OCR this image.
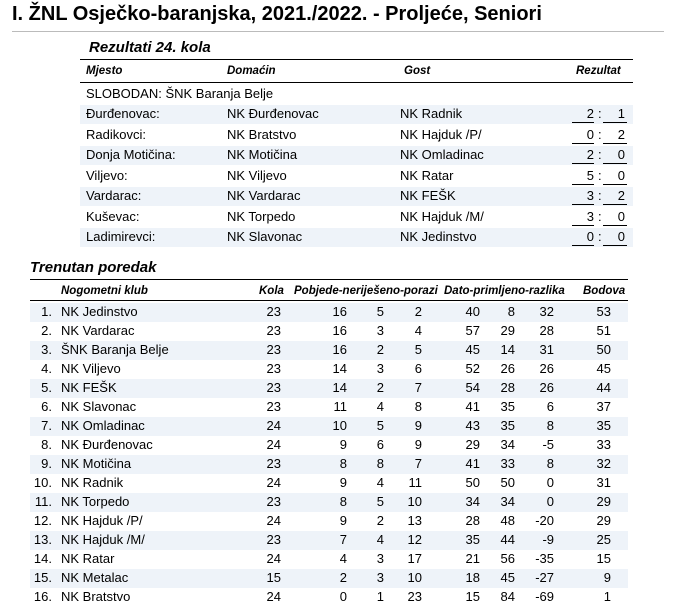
I. ŽNL Osječko-baranjska, 2021./2022. - Proljeće, Seniori
Rezultati 24. kola
Mjesto	Domaćin	Gost	Rezultat
SLOBODAN: ŠNK Baranja Belje
Đurđenovac:	NK Đurđenovac	NK Radnik	2 :	1
Radikovci:	NK Bratstvo	NK Hajduk /P/	0 :	2
Donja Motičina:	NK Motičina	NK Omladinac	2 :	0
Viljevo:	NK Viljevo	NK Ratar	5 :	0
Vardarac:	NK Vardarac	NK FEŠK	3 :	2
Kuševac:	NK Torpedo	NK Hajduk /M/	3 :	0
Ladimirevci:	NK Slavonac	NK Jedinstvo	0 :	0
Trenutan poredak
Nogometni klub	Kola Pobjede-neriješeno-porazi Dato-primljeno-razlika Bodova
1. NK Jedinstvo	23	16	5	2	40	8	32	53
2. NK Vardarac	23	16	3	4	57	29	28	51
3. ŠNK Baranja Belje	23	16	2	5	45	14	31	50
4. NK Viljevo	23	14	3	6	52	26	26	45
5. NK FEŠK	23	14	2	7	54	28	26	44
6. NK Slavonac	23	11	4	8	41	35	6	37
7. NK Omladinac	24	10	5	9	43	35	8	35
8. NK Đurđenovac	24	9	6	9	29	34	-5	33
9. NK Motičina	23	8	8	7	41	33	8	32
10. NK Radnik	24	9	4	11	50	50	0	31
11. NK Torpedo	23	8	5	10	34	34	0	29
12. NK Hajduk /P/	24	9	2	13	28	48	-20	29
13. NK Hajduk /M/	23	7	4	12	35	44	-9	25
14. NK Ratar	24	4	3	17	21	56	-35	15
15. NK Metalac	15	2	3	10	18	45	-27	9
16. NK Bratstvo	24	0	1	23	15	84	-69	1
